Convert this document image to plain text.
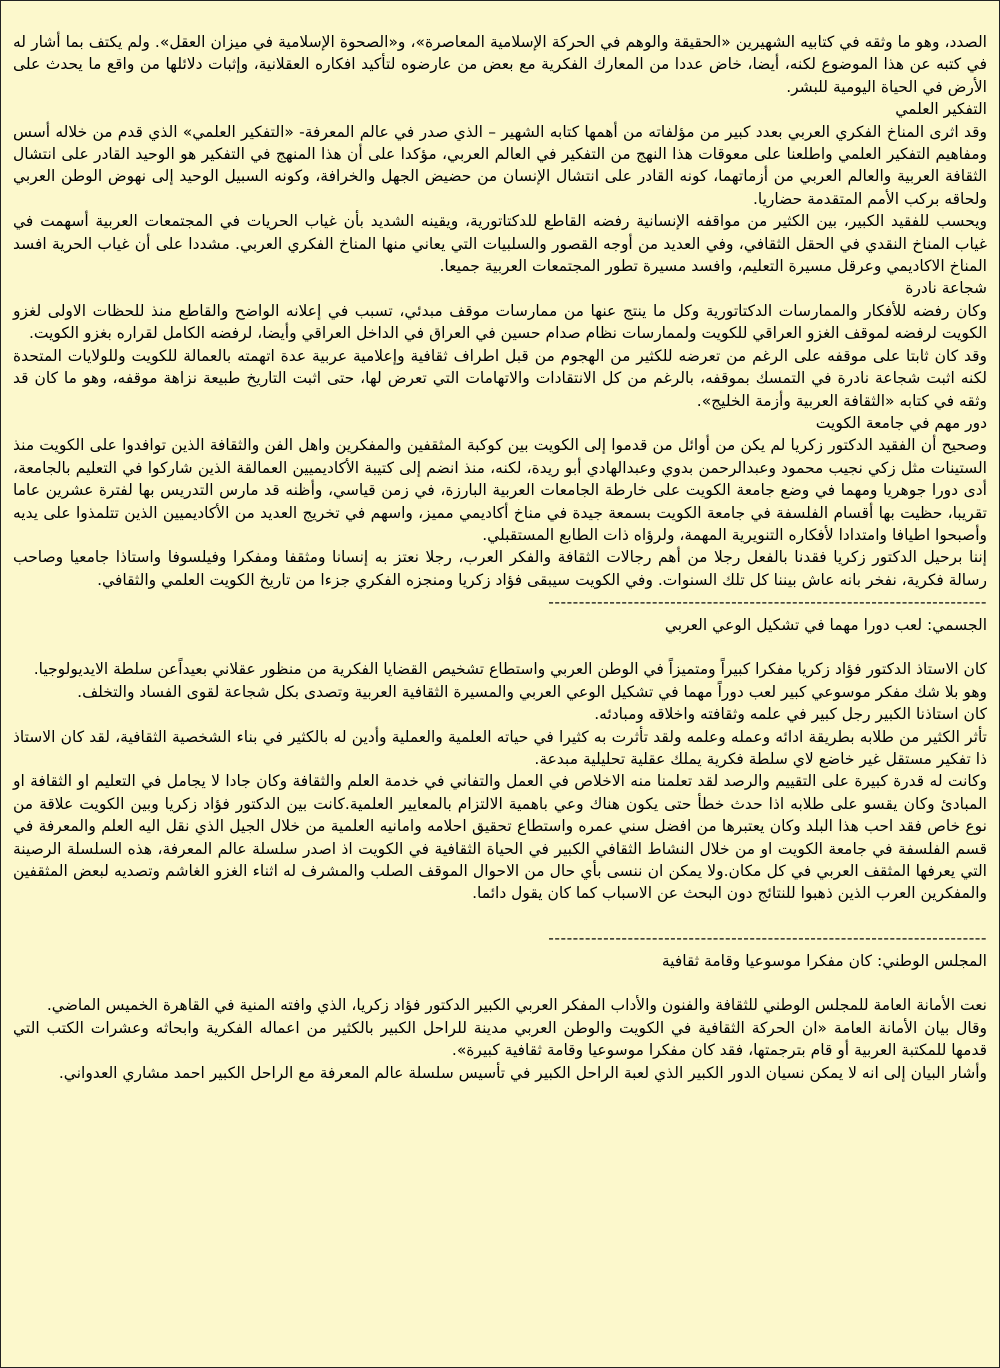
الصدد، وهو ما وثقه في كتابيه الشهيرين «الحقيقة والوهم في الحركة الإسلامية المعاصرة»، و«الصحوة الإسلامية في ميزان العقل». ولم يكتف بما أشار له في كتبه عن هذا الموضوع لكنه، أيضا، خاض عددا من المعارك الفكرية مع بعض من عارضوه لتأكيد افكاره العقلانية، وإثبات دلائلها من واقع ما يحدث على الأرض في الحياة اليومية للبشر.

التفكير العلمي

وقد اثرى المناخ الفكري العربي بعدد كبير من مؤلفاته من أهمها كتابه الشهير – الذي صدر في عالم المعرفة- «التفكير العلمي» الذي قدم من خلاله أسس ومفاهيم التفكير العلمي واطلعنا على معوقات هذا النهج من التفكير في العالم العربي، مؤكدا على أن هذا المنهج في التفكير هو الوحيد القادر على انتشال الثقافة العربية والعالم العربي من أزماتهما، كونه القادر على انتشال الإنسان من حضيض الجهل والخرافة، وكونه السبيل الوحيد إلى نهوض الوطن العربي ولحاقه بركب الأمم المتقدمة حضاريا.

ويحسب للفقيد الكبير، بين الكثير من مواقفه الإنسانية رفضه القاطع للدكتاتورية، ويقينه الشديد بأن غياب الحريات في المجتمعات العربية أسهمت في غياب المناخ النقدي في الحقل الثقافي، وفي العديد من أوجه القصور والسلبيات التي يعاني منها المناخ الفكري العربي. مشددا على أن غياب الحرية افسد المناخ الاكاديمي وعرقل مسيرة التعليم، وافسد مسيرة تطور المجتمعات العربية جميعا.

شجاعة نادرة

وكان رفضه للأفكار والممارسات الدكتاتورية وكل ما ينتج عنها من ممارسات موقف مبدئي، تسبب في إعلانه الواضح والقاطع منذ للحظات الاولى لغزو الكويت لرفضه لموقف الغزو العراقي للكويت ولممارسات نظام صدام حسين في العراق في الداخل العراقي وأيضا، لرفضه الكامل لقراره بغزو الكويت.

وقد كان ثابتا على موقفه على الرغم من تعرضه للكثير من الهجوم من قبل اطراف ثقافية وإعلامية عربية عدة اتهمته بالعمالة للكويت وللولايات المتحدة لكنه اثبت شجاعة نادرة في التمسك بموقفه، بالرغم من كل الانتقادات والاتهامات التي تعرض لها، حتى اثبت التاريخ طبيعة نزاهة موقفه، وهو ما كان قد وثقه في كتابه «الثقافة العربية وأزمة الخليج».

دور مهم في جامعة الكويت

وصحيح أن الفقيد الدكتور زكريا لم يكن من أوائل من قدموا إلى الكويت بين كوكبة المثقفين والمفكرين واهل الفن والثقافة الذين توافدوا على الكويت منذ الستينات مثل زكي نجيب محمود وعبدالرحمن بدوي وعبدالهادي أبو ريدة، لكنه، منذ انضم إلى كتيبة الأكاديميين العمالقة الذين شاركوا في التعليم بالجامعة، أدى دورا جوهريا ومهما في وضع جامعة الكويت على خارطة الجامعات العربية البارزة، في زمن قياسي، وأظنه قد مارس التدريس بها لفترة عشرين عاما تقريبا، حظيت بها أقسام الفلسفة في جامعة الكويت بسمعة جيدة في مناخ أكاديمي مميز، واسهم في تخريج العديد من الأكاديميين الذين تتلمذوا على يديه وأصبحوا اطيافا وامتدادا لأفكاره التنويرية المهمة، ولرؤاه ذات الطابع المستقبلي.

إننا برحيل الدكتور زكريا فقدنا بالفعل رجلا من أهم رجالات الثقافة والفكر العرب، رجلا نعتز به إنسانا ومثقفا ومفكرا وفيلسوفا واستاذا جامعيا وصاحب رسالة فكرية، نفخر بانه عاش بيننا كل تلك السنوات. وفي الكويت سيبقى فؤاد زكريا ومنجزه الفكري جزءا من تاريخ الكويت العلمي والثقافي.

------------------------------------------------------------------------

الجسمي: لعب دورا مهما في تشكيل الوعي العربي

كان الاستاذ الدكتور فؤاد زكريا مفكرا كبيراً ومتميزاً في الوطن العربي واستطاع تشخيص القضايا الفكرية من منظور عقلاني بعيداًعن سلطة الايديولوجيا.

وهو بلا شك مفكر موسوعي كبير لعب دوراً مهما في تشكيل الوعي العربي والمسيرة الثقافية العربية وتصدى بكل شجاعة لقوى الفساد والتخلف.

كان استاذنا الكبير رجل كبير في علمه وثقافته واخلاقه ومبادئه.

تأثر الكثير من طلابه بطريقة ادائه وعمله وعلمه ولقد تأثرت به كثيرا في حياته العلمية والعملية وأدين له بالكثير في بناء الشخصية الثقافية، لقد كان الاستاذ ذا تفكير مستقل غير خاضع لاي سلطة فكرية يملك عقلية تحليلية مبدعة.

وكانت له قدرة كبيرة على التقييم والرصد لقد تعلمنا منه الاخلاص في العمل والتفاني في خدمة العلم والثقافة وكان جادا لا يجامل في التعليم او الثقافة او المبادئ وكان يقسو على طلابه اذا حدث خطأ حتى يكون هناك وعي باهمية الالتزام بالمعايير العلمية.كانت بين الدكتور فؤاد زكريا وبين الكويت علاقة من نوع خاص فقد احب هذا البلد وكان يعتبرها من افضل سني عمره واستطاع تحقيق احلامه وامانيه العلمية من خلال الجيل الذي نقل اليه العلم والمعرفة في قسم الفلسفة في جامعة الكويت او من خلال النشاط الثقافي الكبير في الحياة الثقافية في الكويت اذ اصدر سلسلة عالم المعرفة، هذه السلسلة الرصينة التي يعرفها المثقف العربي في كل مكان.ولا يمكن ان ننسى بأي حال من الاحوال الموقف الصلب والمشرف له اثناء الغزو الغاشم وتصديه لبعض المثقفين والمفكرين العرب الذين ذهبوا للنتائج دون البحث عن الاسباب كما كان يقول دائما.

------------------------------------------------------------------------

المجلس الوطني: كان مفكرا موسوعيا وقامة ثقافية

نعت الأمانة العامة للمجلس الوطني للثقافة والفنون والأداب المفكر العربي الكبير الدكتور فؤاد زكريا، الذي وافته المنية في القاهرة الخميس الماضي.

وقال بيان الأمانة العامة «ان الحركة الثقافية في الكويت والوطن العربي مدينة للراحل الكبير بالكثير من اعماله الفكرية وابحاثه وعشرات الكتب التي قدمها للمكتبة العربية أو قام بترجمتها، فقد كان مفكرا موسوعيا وقامة ثقافية كبيرة».

وأشار البيان إلى انه لا يمكن نسيان الدور الكبير الذي لعبة الراحل الكبير في تأسيس سلسلة عالم المعرفة مع الراحل الكبير احمد مشاري العدواني.
